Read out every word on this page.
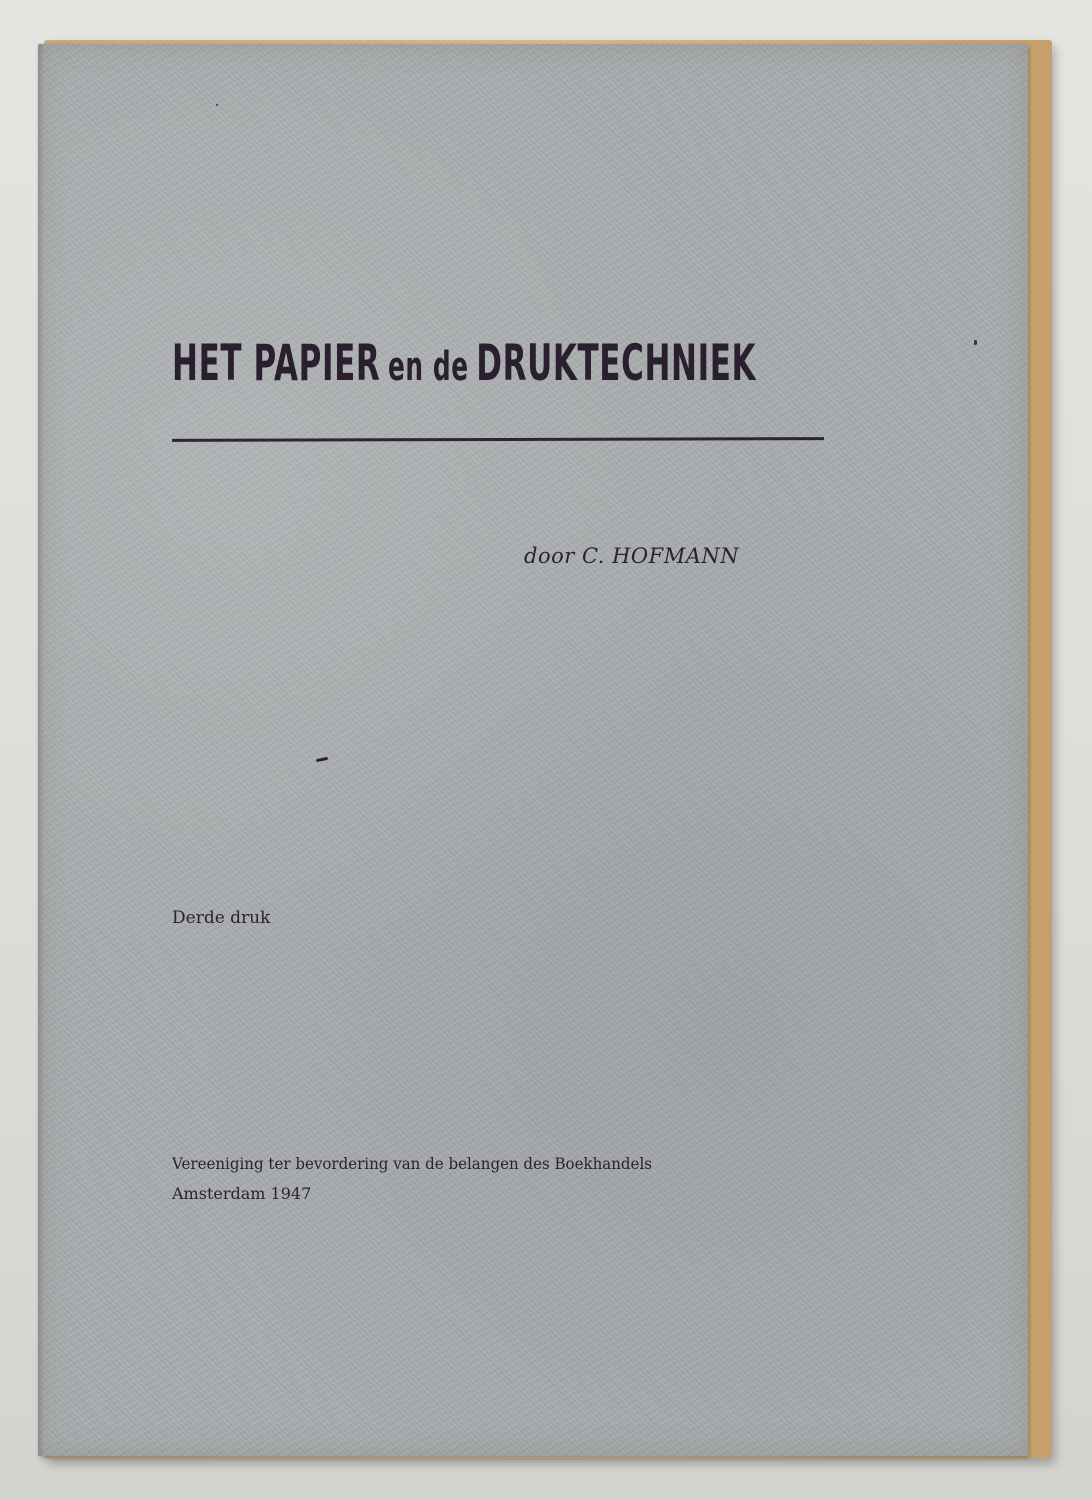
HET PAPIER en de DRUKTECHNIEK
door C. HOFMANN
Derde druk
Vereeniging ter bevordering van de belangen des Boekhandels
Amsterdam 1947
